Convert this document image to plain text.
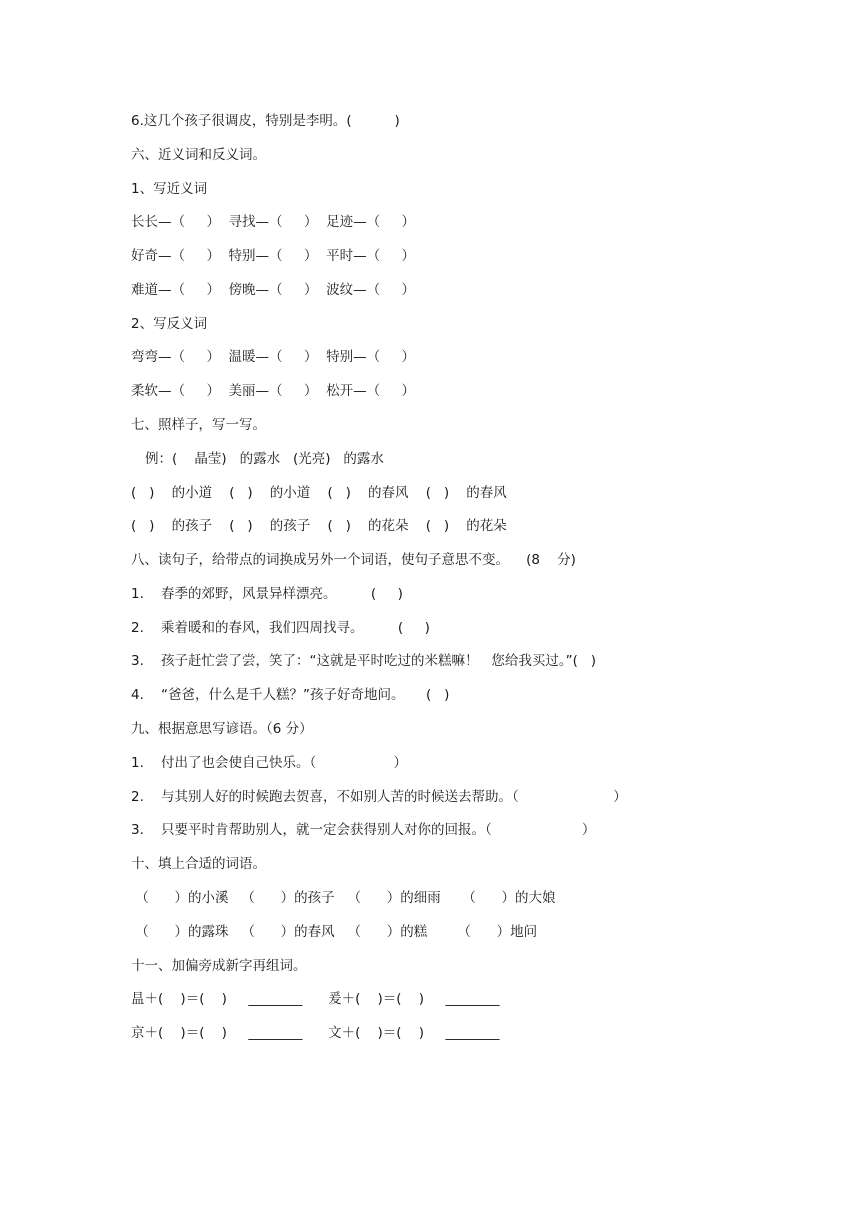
6.这几个孩子很调皮，特别是李明。(          )
六、近义词和反义词。
1、写近义词
长长—（     ）  寻找—（     ）  足迹—（     ）
好奇—（     ）  特别—（     ）  平时—（     ）
难道—（     ）  傍晚—（     ）  波纹—（     ）
2、写反义词
弯弯—（     ）  温暖—（     ）  特别—（     ）
柔软—（     ）  美丽—（     ）  松开—（     ）
七、照样子，写一写。
例：(    晶莹)   的露水   (光亮)   的露水
(   )    的小道    (   )    的小道    (   )    的春风    (   )    的春风
(   )    的孩子    (   )    的孩子    (   )    的花朵    (   )    的花朵
八、读句子，给带点的词换成另外一个词语，使句子意思不变。    (8    分)
1.    春季的郊野，风景异样漂亮。        (     )
2.    乘着暖和的春风，我们四周找寻。        (     )
3.    孩子赶忙尝了尝，笑了：“这就是平时吃过的米糕嘛！   您给我买过。”(   )
4.    “爸爸，什么是千人糕？”孩子好奇地问。     (   )
九、根据意思写谚语。（6 分）
1.    付出了也会使自己快乐。（                  ）
2.    与其别人好的时候跑去贺喜，不如别人苦的时候送去帮助。（                      ）
3.    只要平时肯帮助别人，就一定会获得别人对你的回报。（                     ）
十、填上合适的词语。
（      ）的小溪   （      ）的孩子   （      ）的细雨     （      ）的大娘
（      ）的露珠   （      ）的春风   （      ）的糕       （      ）地问
十一、加偏旁成新字再组词。
昷＋(    )＝(    )     ________      爰＋(    )＝(    )     ________
京＋(    )＝(    )     ________      文＋(    )＝(    )     ________
